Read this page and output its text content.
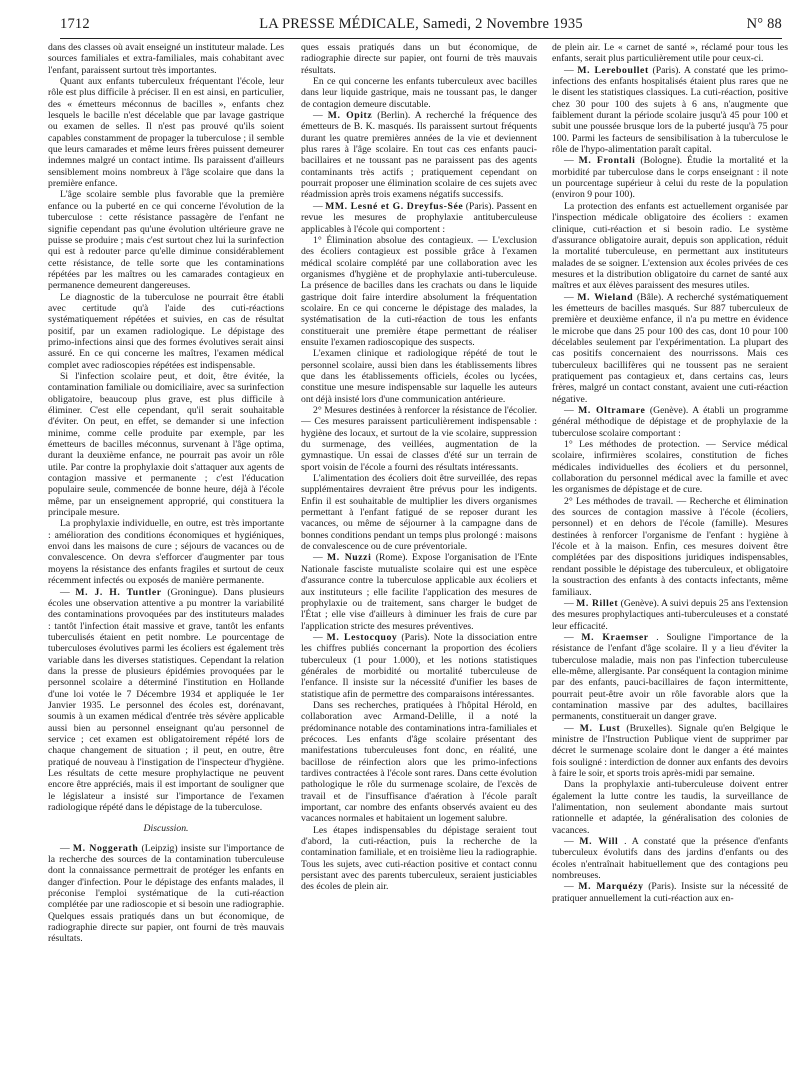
1712	LA PRESSE MÉDICALE, Samedi, 2 Novembre 1935	N° 88

dans des classes où avait enseigné un instituteur malade. Les sources familiales et extra-familiales, mais cohabitant avec l'enfant, paraissent surtout très importantes.

Quant aux enfants tuberculeux fréquentant l'école, leur rôle est plus difficile à préciser. Il en est ainsi, en particulier, des « émetteurs méconnus de bacilles », enfants chez lesquels le bacille n'est décelable que par lavage gastrique ou examen de selles. Il n'est pas prouvé qu'ils soient capables constamment de propager la tuberculose ; il semble que leurs camarades et même leurs frères puissent demeurer indemnes malgré un contact intime. Ils paraissent d'ailleurs sensiblement moins nombreux à l'âge scolaire que dans la première enfance.

L'âge scolaire semble plus favorable que la première enfance ou la puberté en ce qui concerne l'évolution de la tuberculose : cette résistance passagère de l'enfant ne signifie cependant pas qu'une évolution ultérieure grave ne puisse se produire ; mais c'est surtout chez lui la surinfection qui est à redouter parce qu'elle diminue considérablement cette résistance, de telle sorte que les contaminations répétées par les maîtres ou les camarades contagieux en permanence demeurent dangereuses.

Le diagnostic de la tuberculose ne pourrait être établi avec certitude qu'à l'aide des cuti-réactions systématiquement répétées et suivies, en cas de résultat positif, par un examen radiologique. Le dépistage des primo-infections ainsi que des formes évolutives serait ainsi assuré. En ce qui concerne les maîtres, l'examen médical complet avec radioscopies répétées est indispensable.

Si l'infection scolaire peut, et doit, être évitée, la contamination familiale ou domiciliaire, avec sa surinfection obligatoire, beaucoup plus grave, est plus difficile à éliminer. C'est elle cependant, qu'il serait souhaitable d'éviter. On peut, en effet, se demander si une infection minime, comme celle produite par exemple, par les émetteurs de bacilles méconnus, survenant à l'âge optima, durant la deuxième enfance, ne pourrait pas avoir un rôle utile. Par contre la prophylaxie doit s'attaquer aux agents de contagion massive et permanente ; c'est l'éducation populaire seule, commencée de bonne heure, déjà à l'école même, par un enseignement approprié, qui constituera la principale mesure.

La prophylaxie individuelle, en outre, est très importante : amélioration des conditions économiques et hygiéniques, envoi dans les maisons de cure ; séjours de vacances ou de convalescence. On devra s'efforcer d'augmenter par tous moyens la résistance des enfants fragiles et surtout de ceux récemment infectés ou exposés de manière permanente.

— M. J. H. Tuntler (Groningue). Dans plusieurs écoles une observation attentive a pu montrer la variabilité des contaminations provoquées par des instituteurs malades : tantôt l'infection était massive et grave, tantôt les enfants tuberculisés étaient en petit nombre. Le pourcentage de tuberculoses évolutives parmi les écoliers est également très variable dans les diverses statistiques. Cependant la relation dans la presse de plusieurs épidémies provoquées par le personnel scolaire a déterminé l'institution en Hollande d'une loi votée le 7 Décembre 1934 et appliquée le 1er Janvier 1935. Le personnel des écoles est, dorénavant, soumis à un examen médical d'entrée très sévère applicable aussi bien au personnel enseignant qu'au personnel de service ; cet examen est obligatoirement répété lors de chaque changement de situation ; il peut, en outre, être pratiqué de nouveau à l'instigation de l'inspecteur d'hygiène. Les résultats de cette mesure prophylactique ne peuvent encore être appréciés, mais il est important de souligner que le législateur a insisté sur l'importance de l'examen radiologique répété dans le dépistage de la tuberculose.

Discussion.

— M. Noggerath (Leipzig) insiste sur l'importance de la recherche des sources de la contamination tuberculeuse dont la connaissance permettrait de protéger les enfants en danger d'infection. Pour le dépistage des enfants malades, il préconise l'emploi systématique de la cuti-réaction complétée par une radioscopie et si besoin une radiographie. Quelques essais pratiqués dans un but économique, de radiographie directe sur papier, ont fourni de très mauvais résultats.

ques essais pratiqués dans un but économique, de radiographie directe sur papier, ont fourni de très mauvais résultats.

En ce qui concerne les enfants tuberculeux avec bacilles dans leur liquide gastrique, mais ne toussant pas, le danger de contagion demeure discutable.

— M. Opitz (Berlin). A recherché la fréquence des émetteurs de B. K. masqués. Ils paraissent surtout fréquents durant les quatre premières années de la vie et deviennent plus rares à l'âge scolaire. En tout cas ces enfants pauci-bacillaires et ne toussant pas ne paraissent pas des agents contaminants très actifs ; pratiquement cependant on pourrait proposer une élimination scolaire de ces sujets avec réadmission après trois examens négatifs successifs.

— MM. Lesné et G. Dreyfus-Sée (Paris). Passent en revue les mesures de prophylaxie antituberculeuse applicables à l'école qui comportent :

1° Élimination absolue des contagieux. — L'exclusion des écoliers contagieux est possible grâce à l'examen médical scolaire complété par une collaboration avec les organismes d'hygiène et de prophylaxie anti-tuberculeuse. La présence de bacilles dans les crachats ou dans le liquide gastrique doit faire interdire absolument la fréquentation scolaire. En ce qui concerne le dépistage des malades, la systématisation de la cuti-réaction de tous les enfants constituerait une première étape permettant de réaliser ensuite l'examen radioscopique des suspects.

L'examen clinique et radiologique répété de tout le personnel scolaire, aussi bien dans les établissements libres que dans les établissements officiels, écoles ou lycées, constitue une mesure indispensable sur laquelle les auteurs ont déjà insisté lors d'une communication antérieure.

2° Mesures destinées à renforcer la résistance de l'écolier. — Ces mesures paraissent particulièrement indispensable : hygiène des locaux, et surtout de la vie scolaire, suppression du surmenage, des veillées, augmentation de la gymnastique. Un essai de classes d'été sur un terrain de sport voisin de l'école a fourni des résultats intéressants.

L'alimentation des écoliers doit être surveillée, des repas supplémentaires devraient être prévus pour les indigents. Enfin il est souhaitable de multiplier les divers organismes permettant à l'enfant fatigué de se reposer durant les vacances, ou même de séjourner à la campagne dans de bonnes conditions pendant un temps plus prolongé : maisons de convalescence ou de cure préventoriale.

— M. Nuzzi (Rome). Expose l'organisation de l'Ente Nationale fasciste mutualiste scolaire qui est une espèce d'assurance contre la tuberculose applicable aux écoliers et aux instituteurs ; elle facilite l'application des mesures de prophylaxie ou de traitement, sans charger le budget de l'État ; elle vise d'ailleurs à diminuer les frais de cure par l'application stricte des mesures préventives.

— M. Lestocquoy (Paris). Note la dissociation entre les chiffres publiés concernant la proportion des écoliers tuberculeux (1 pour 1.000), et les notions statistiques générales de morbidité ou mortalité tuberculeuse de l'enfance. Il insiste sur la nécessité d'unifier les bases de statistique afin de permettre des comparaisons intéressantes.

Dans ses recherches, pratiquées à l'hôpital Hérold, en collaboration avec Armand-Delille, il a noté la prédominance notable des contaminations intra-familiales et précoces. Les enfants d'âge scolaire présentant des manifestations tuberculeuses font donc, en réalité, une bacillose de réinfection alors que les primo-infections tardives contractées à l'école sont rares. Dans cette évolution pathologique le rôle du surmenage scolaire, de l'excès de travail et de l'insuffisance d'aération à l'école paraît important, car nombre des enfants observés avaient eu des vacances normales et habitaient un logement salubre.

Les étapes indispensables du dépistage seraient tout d'abord, la cuti-réaction, puis la recherche de la contamination familiale, et en troisième lieu la radiographie. Tous les sujets, avec cuti-réaction positive et contact connu persistant avec des parents tuberculeux, seraient justiciables des écoles de plein air.

de plein air. Le « carnet de santé », réclamé pour tous les enfants, serait plus particulièrement utile pour ceux-ci.

— M. Lereboullet (Paris). A constaté que les primo-infections des enfants hospitalisés étaient plus rares que ne le disent les statistiques classiques. La cuti-réaction, positive chez 30 pour 100 des sujets à 6 ans, n'augmente que faiblement durant la période scolaire jusqu'à 45 pour 100 et subit une poussée brusque lors de la puberté jusqu'à 75 pour 100. Parmi les facteurs de sensibilisation à la tuberculose le rôle de l'hypo-alimentation paraît capital.

— M. Frontali (Bologne). Étudie la mortalité et la morbidité par tuberculose dans le corps enseignant : il note un pourcentage supérieur à celui du reste de la population (environ 9 pour 100).

La protection des enfants est actuellement organisée par l'inspection médicale obligatoire des écoliers : examen clinique, cuti-réaction et si besoin radio. Le système d'assurance obligatoire aurait, depuis son application, réduit la mortalité tuberculeuse, en permettant aux instituteurs malades de se soigner. L'extension aux écoles privées de ces mesures et la distribution obligatoire du carnet de santé aux maîtres et aux élèves paraissent des mesures utiles.

— M. Wieland (Bâle). A recherché systématiquement les émetteurs de bacilles masqués. Sur 887 tuberculeux de première et deuxième enfance, il n'a pu mettre en évidence le microbe que dans 25 pour 100 des cas, dont 10 pour 100 décelables seulement par l'expérimentation. La plupart des cas positifs concernaient des nourrissons. Mais ces tuberculeux bacillifères qui ne toussent pas ne seraient pratiquement pas contagieux et, dans certains cas, leurs frères, malgré un contact constant, avaient une cuti-réaction négative.

— M. Oltramare (Genève). A établi un programme général méthodique de dépistage et de prophylaxie de la tuberculose scolaire comportant :

1° Les méthodes de protection. — Service médical scolaire, infirmières scolaires, constitution de fiches médicales individuelles des écoliers et du personnel, collaboration du personnel médical avec la famille et avec les organismes de dépistage et de cure.

2° Les méthodes de travail. — Recherche et élimination des sources de contagion massive à l'école (écoliers, personnel) et en dehors de l'école (famille). Mesures destinées à renforcer l'organisme de l'enfant : hygiène à l'école et à la maison. Enfin, ces mesures doivent être complétées par des dispositions juridiques indispensables, rendant possible le dépistage des tuberculeux, et obligatoire la soustraction des enfants à des contacts infectants, même familiaux.

— M. Rillet (Genève). A suivi depuis 25 ans l'extension des mesures prophylactiques anti-tuberculeuses et a constaté leur efficacité.

— M. Kraemser . Souligne l'importance de la résistance de l'enfant d'âge scolaire. Il y a lieu d'éviter la tuberculose maladie, mais non pas l'infection tuberculeuse elle-même, allergisante. Par conséquent la contagion minime par des enfants, pauci-bacillaires de façon intermittente, pourrait peut-être avoir un rôle favorable alors que la contamination massive par des adultes, bacillaires permanents, constituerait un danger grave.

— M. Lust (Bruxelles). Signale qu'en Belgique le ministre de l'Instruction Publique vient de supprimer par décret le surmenage scolaire dont le danger a été maintes fois souligné : interdiction de donner aux enfants des devoirs à faire le soir, et sports trois après-midi par semaine.

Dans la prophylaxie anti-tuberculeuse doivent entrer également la lutte contre les taudis, la surveillance de l'alimentation, non seulement abondante mais surtout rationnelle et adaptée, la généralisation des colonies de vacances.

— M. Will . A constaté que la présence d'enfants tuberculeux évolutifs dans des jardins d'enfants ou des écoles n'entraînait habituellement que des contagions peu nombreuses.

— M. Marquézy (Paris). Insiste sur la nécessité de pratiquer annuellement la cuti-réaction aux en-
